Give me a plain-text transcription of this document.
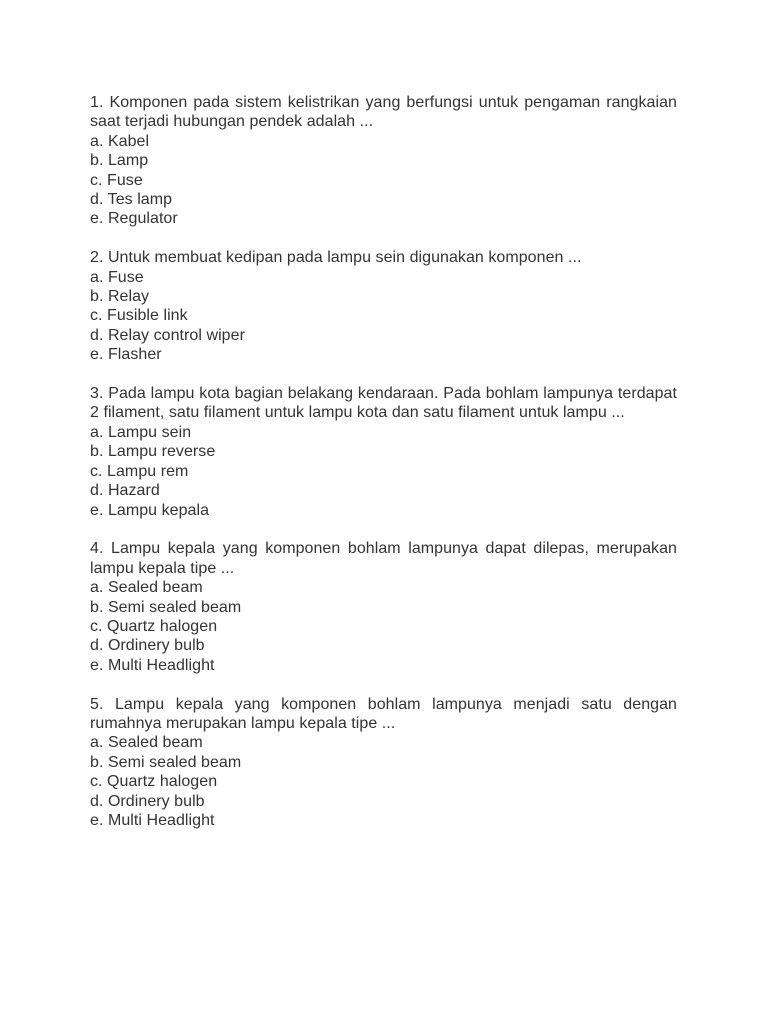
1. Komponen pada sistem kelistrikan yang berfungsi untuk pengaman rangkaian saat terjadi hubungan pendek adalah ...

a. Kabel
b. Lamp
c. Fuse
d. Tes lamp
e. Regulator

2. Untuk membuat kedipan pada lampu sein digunakan komponen ...

a. Fuse
b. Relay
c. Fusible link
d. Relay control wiper
e. Flasher

3. Pada lampu kota bagian belakang kendaraan. Pada bohlam lampunya terdapat 2 filament, satu filament untuk lampu kota dan satu filament untuk lampu ...

a. Lampu sein
b. Lampu reverse
c. Lampu rem
d. Hazard
e. Lampu kepala

4. Lampu kepala yang komponen bohlam lampunya dapat dilepas, merupakan lampu kepala tipe ...

a. Sealed beam
b. Semi sealed beam
c. Quartz halogen
d. Ordinery bulb
e. Multi Headlight

5. Lampu kepala yang komponen bohlam lampunya menjadi satu dengan rumahnya merupakan lampu kepala tipe ...

a. Sealed beam
b. Semi sealed beam
c. Quartz halogen
d. Ordinery bulb
e. Multi Headlight
